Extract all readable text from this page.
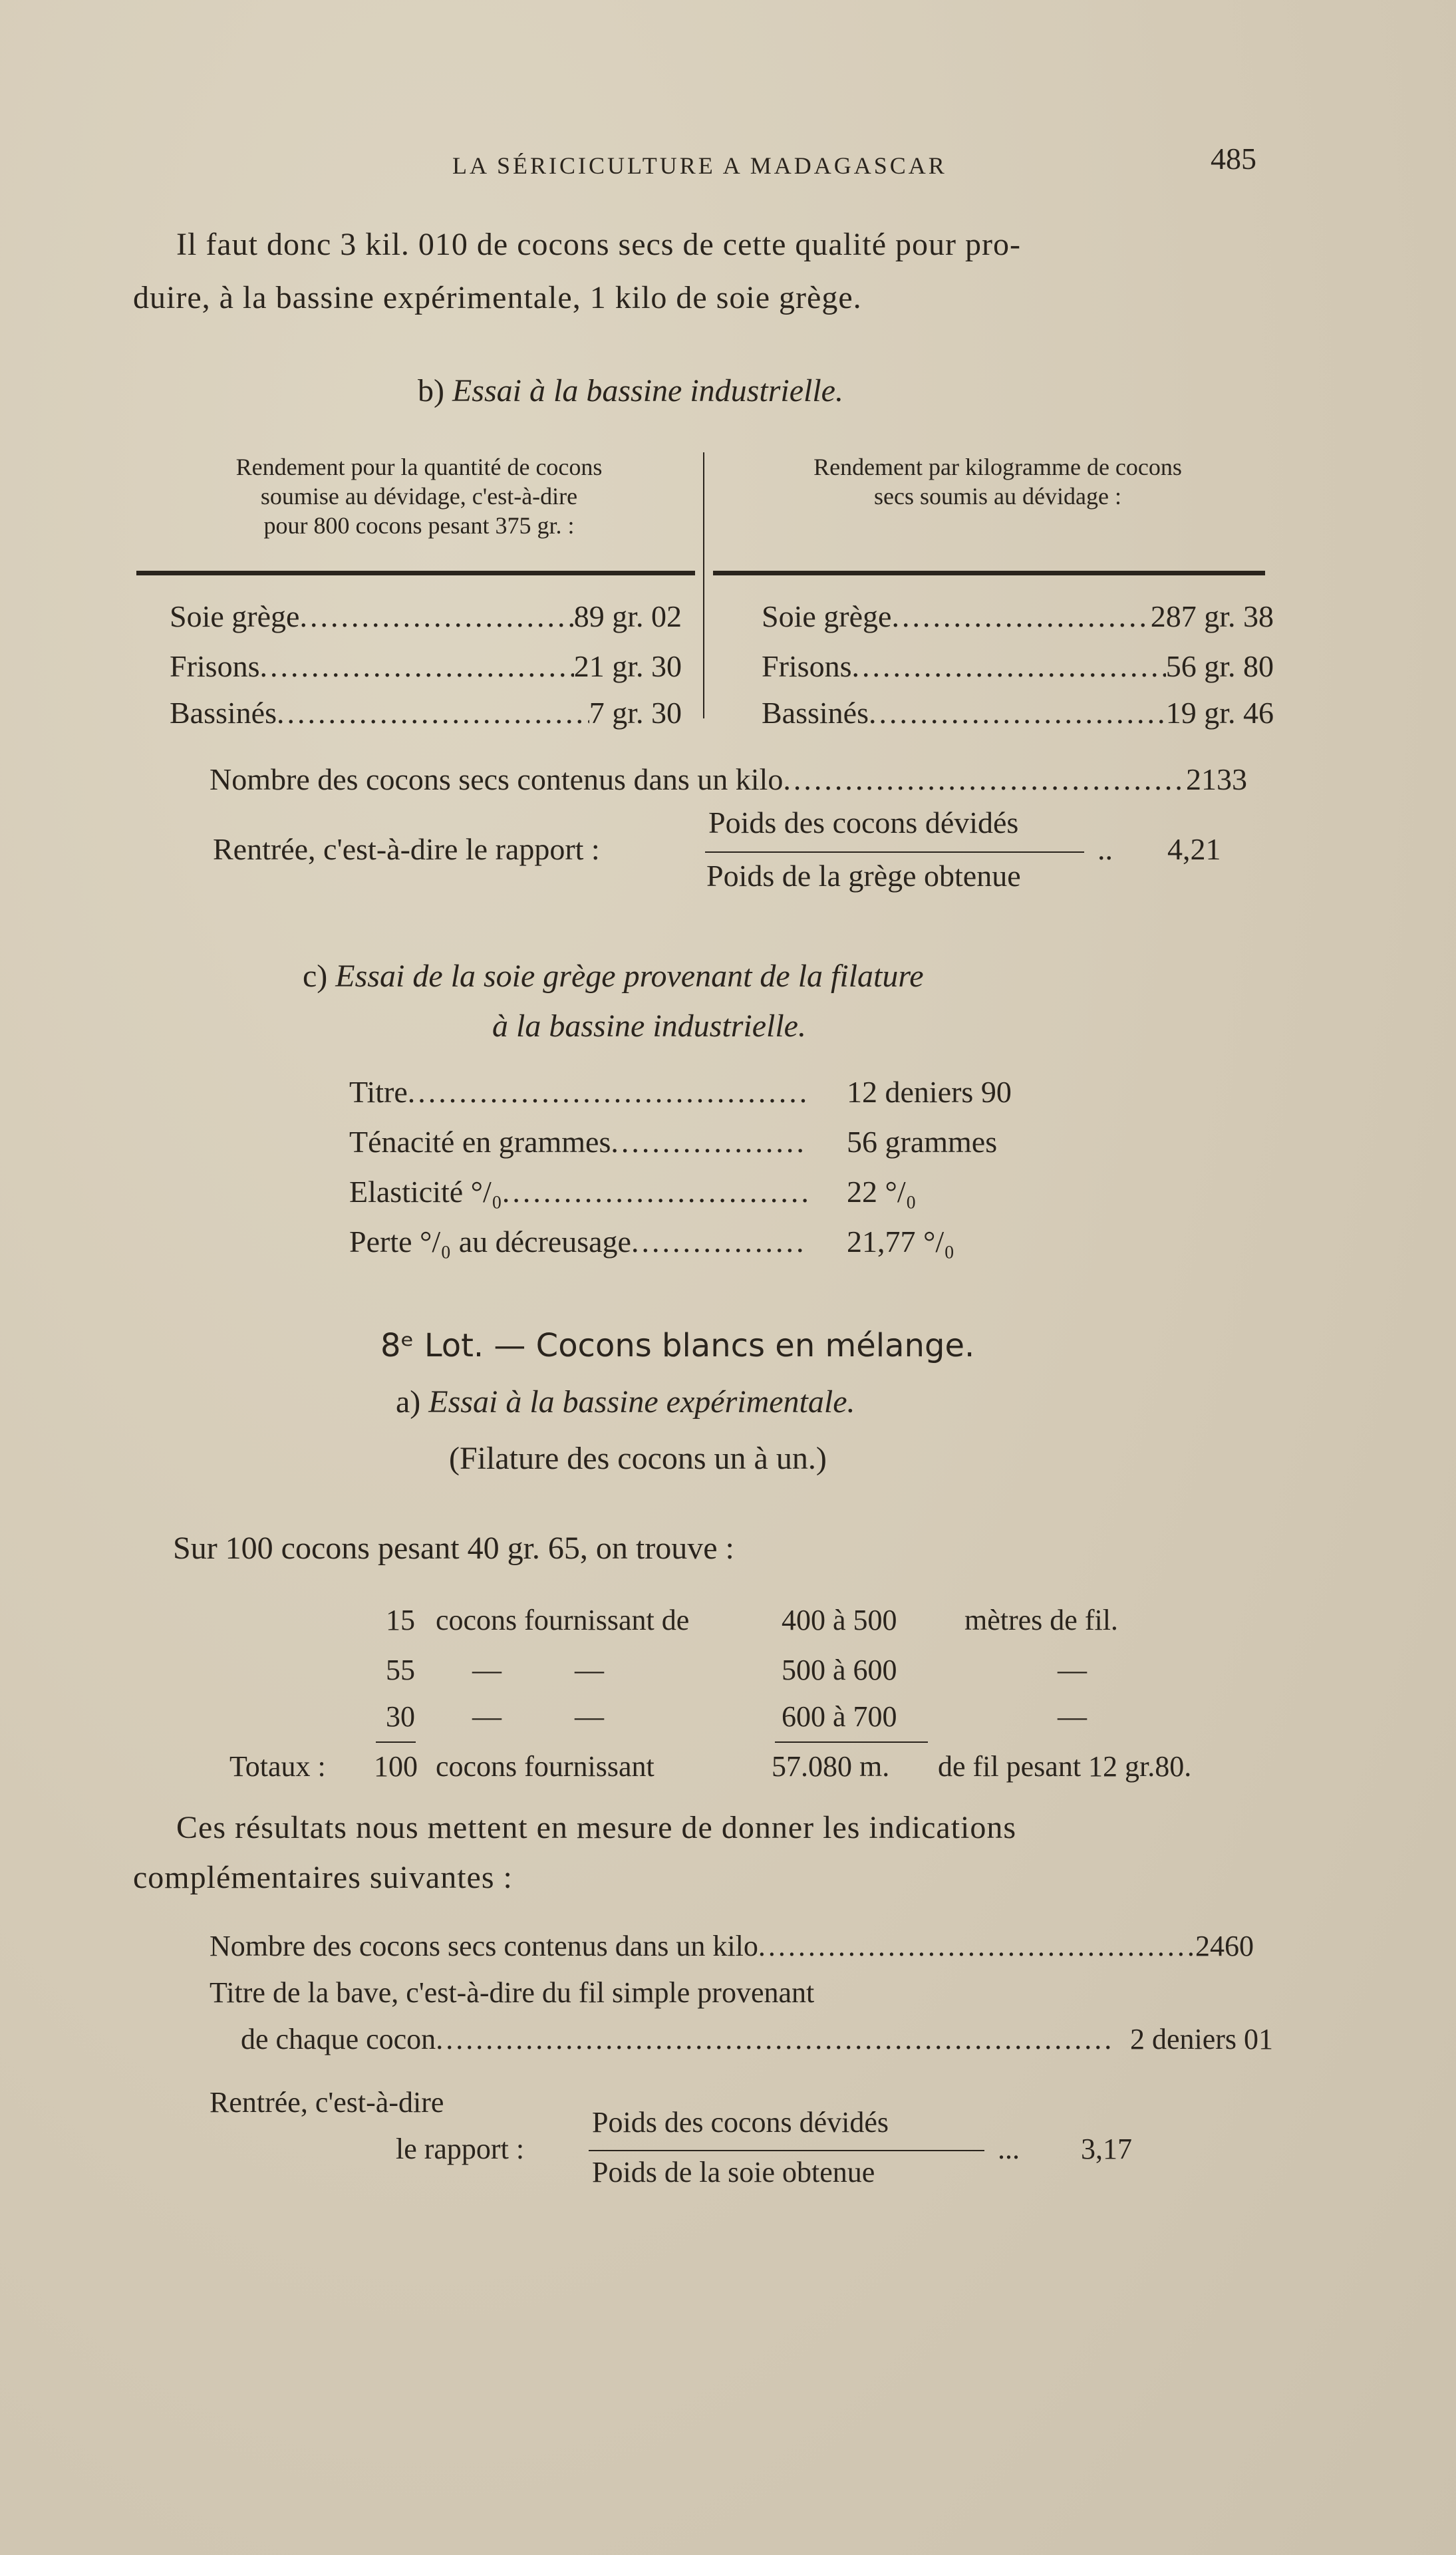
LA SÉRICICULTURE A MADAGASCAR	485
Il faut donc 3 kil. 010 de cocons secs de cette qualité pour pro-
duire, à la bassine expérimentale, 1 kilo de soie grège.
b) Essai à la bassine industrielle.
Rendement pour la quantité de cocons
soumise au dévidage, c'est-à-dire
pour 800 cocons pesant 375 gr. :
Rendement par kilogramme de cocons
secs soumis au dévidage :
Soie grège .....	89 gr. 02
Frisons .....	21 gr. 30
Bassinés .....	7 gr. 30
Soie grège .....	287 gr. 38
Frisons .....	56 gr. 80
Bassinés .....	19 gr. 46
Nombre des cocons secs contenus dans un kilo .....	2133
Rentrée, c'est-à-dire le rapport :
Poids des cocons dévidés
Poids de la grège obtenue
.. 4,21
c) Essai de la soie grège provenant de la filature
à la bassine industrielle.
Titre .....	12 deniers 90
Ténacité en grammes .....	56 grammes
Elasticité °/₀ .....	22 °/₀
Perte °/₀ au décreusage .....	21,77 °/₀
8ᵉ Lot. — Cocons blancs en mélange.
a) Essai à la bassine expérimentale.
(Filature des cocons un à un.)
Sur 100 cocons pesant 40 gr. 65, on trouve :
15 cocons fournissant de	400 à 500 mètres de fil.
55 —          —	500 à 600	—
30 —          —	600 à 700	—
Totaux : 100 cocons fournissant	57.080 m. de fil pesant 12 gr.80.
Ces résultats nous mettent en mesure de donner les indications
complémentaires suivantes :
Nombre des cocons secs contenus dans un kilo .....	2460
Titre de la bave, c'est-à-dire du fil simple provenant
de chaque cocon .....	2 deniers 01
Rentrée, c'est-à-dire
le rapport :
Poids des cocons dévidés
Poids de la soie obtenue
... 3,17
